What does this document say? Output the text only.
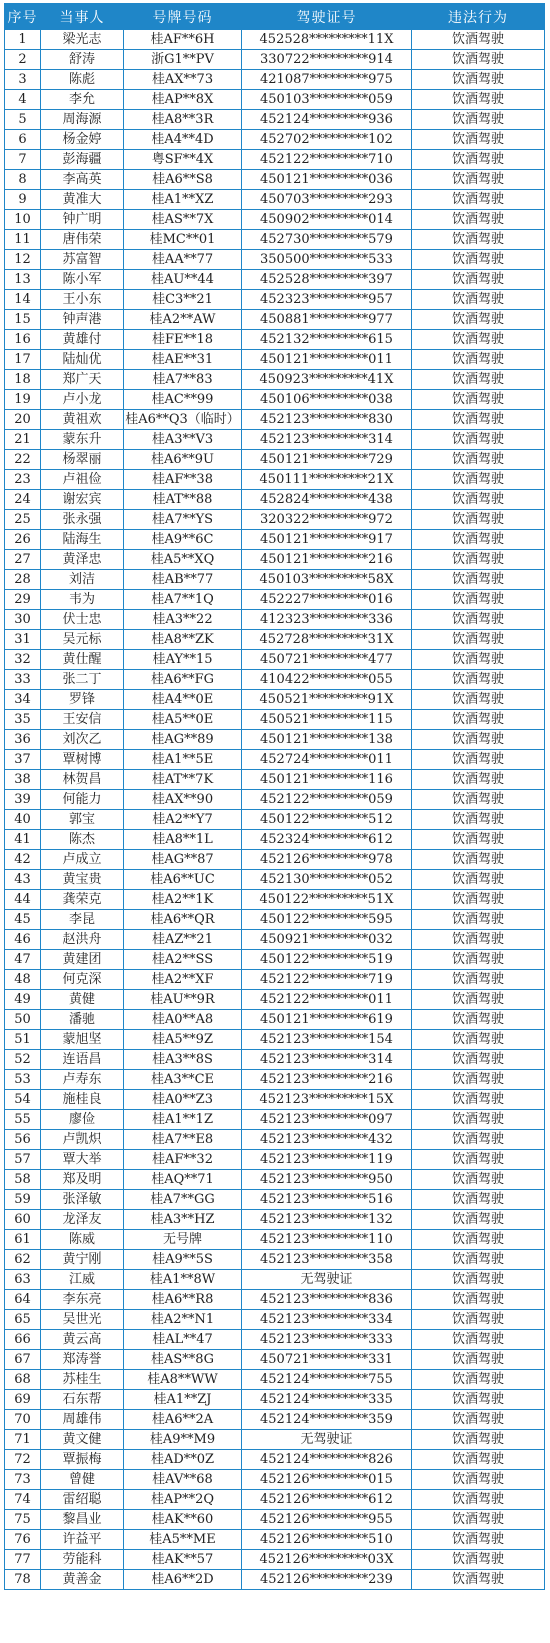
序号	当事人	号牌号码	驾驶证号	违法行为
1	梁光志	桂AF**6H	452528*********11X	饮酒驾驶
2	舒涛	浙G1**PV	330722*********914	饮酒驾驶
3	陈彪	桂AX**73	421087*********975	饮酒驾驶
4	李允	桂AP**8X	450103*********059	饮酒驾驶
5	周海源	桂A8**3R	452124*********936	饮酒驾驶
6	杨金婷	桂A4**4D	452702*********102	饮酒驾驶
7	彭海疆	粤SF**4X	452122*********710	饮酒驾驶
8	李高英	桂A6**S8	450121*********036	饮酒驾驶
9	黄准大	桂A1**XZ	450703*********293	饮酒驾驶
10	钟广明	桂AS**7X	450902*********014	饮酒驾驶
11	唐伟荣	桂MC**01	452730*********579	饮酒驾驶
12	苏富智	桂AA**77	350500*********533	饮酒驾驶
13	陈小军	桂AU**44	452528*********397	饮酒驾驶
14	王小东	桂C3**21	452323*********957	饮酒驾驶
15	钟声港	桂A2**AW	450881*********977	饮酒驾驶
16	黄雄付	桂FE**18	452132*********615	饮酒驾驶
17	陆灿优	桂AE**31	450121*********011	饮酒驾驶
18	郑广天	桂A7**83	450923*********41X	饮酒驾驶
19	卢小龙	桂AC**99	450106*********038	饮酒驾驶
20	黄祖欢	桂A6**Q3（临时）	452123*********830	饮酒驾驶
21	蒙东升	桂A3**V3	452123*********314	饮酒驾驶
22	杨翠丽	桂A6**9U	450121*********729	饮酒驾驶
23	卢祖俭	桂AF**38	450111*********21X	饮酒驾驶
24	谢宏宾	桂AT**88	452824*********438	饮酒驾驶
25	张永强	桂A7**YS	320322*********972	饮酒驾驶
26	陆海生	桂A9**6C	450121*********917	饮酒驾驶
27	黄泽忠	桂A5**XQ	450121*********216	饮酒驾驶
28	刘洁	桂AB**77	450103*********58X	饮酒驾驶
29	韦为	桂A7**1Q	452227*********016	饮酒驾驶
30	伏士忠	桂A3**22	412323*********336	饮酒驾驶
31	吴元标	桂A8**ZK	452728*********31X	饮酒驾驶
32	黄仕醒	桂AY**15	450721*********477	饮酒驾驶
33	张二丁	桂A6**FG	410422*********055	饮酒驾驶
34	罗锋	桂A4**0E	450521*********91X	饮酒驾驶
35	王安信	桂A5**0E	450521*********115	饮酒驾驶
36	刘次乙	桂AG**89	450121*********138	饮酒驾驶
37	覃树博	桂A1**5E	452724*********011	饮酒驾驶
38	林贺昌	桂AT**7K	450121*********116	饮酒驾驶
39	何能力	桂AX**90	452122*********059	饮酒驾驶
40	郭宝	桂A2**Y7	450122*********512	饮酒驾驶
41	陈杰	桂A8**1L	452324*********612	饮酒驾驶
42	卢成立	桂AG**87	452126*********978	饮酒驾驶
43	黄宝贵	桂A6**UC	452130*********052	饮酒驾驶
44	龚荣克	桂A2**1K	450122*********51X	饮酒驾驶
45	李昆	桂A6**QR	450122*********595	饮酒驾驶
46	赵洪舟	桂AZ**21	450921*********032	饮酒驾驶
47	黄建团	桂A2**SS	450122*********519	饮酒驾驶
48	何克深	桂A2**XF	452122*********719	饮酒驾驶
49	黄健	桂AU**9R	452122*********011	饮酒驾驶
50	潘驰	桂A0**A8	450121*********619	饮酒驾驶
51	蒙旭坚	桂A5**9Z	452123*********154	饮酒驾驶
52	连语昌	桂A3**8S	452123*********314	饮酒驾驶
53	卢寿东	桂A3**CE	452123*********216	饮酒驾驶
54	施桂良	桂A0**Z3	452123*********15X	饮酒驾驶
55	廖俭	桂A1**1Z	452123*********097	饮酒驾驶
56	卢凯炽	桂A7**E8	452123*********432	饮酒驾驶
57	覃大举	桂AF**32	452123*********119	饮酒驾驶
58	郑及明	桂AQ**71	452123*********950	饮酒驾驶
59	张泽敏	桂A7**GG	452123*********516	饮酒驾驶
60	龙泽友	桂A3**HZ	452123*********132	饮酒驾驶
61	陈威	无号牌	452123*********110	饮酒驾驶
62	黄宁刚	桂A9**5S	452123*********358	饮酒驾驶
63	江威	桂A1**8W	无驾驶证	饮酒驾驶
64	李东亮	桂A6**R8	452123*********836	饮酒驾驶
65	吴世光	桂A2**N1	452123*********334	饮酒驾驶
66	黄云高	桂AL**47	452123*********333	饮酒驾驶
67	郑涛誉	桂AS**8G	450721*********331	饮酒驾驶
68	苏桂生	桂A8**WW	452124*********755	饮酒驾驶
69	石东帮	桂A1**ZJ	452124*********335	饮酒驾驶
70	周雄伟	桂A6**2A	452124*********359	饮酒驾驶
71	黄文健	桂A9**M9	无驾驶证	饮酒驾驶
72	覃振梅	桂AD**0Z	452124*********826	饮酒驾驶
73	曾健	桂AV**68	452126*********015	饮酒驾驶
74	雷绍聪	桂AP**2Q	452126*********612	饮酒驾驶
75	黎昌业	桂AK**60	452126*********955	饮酒驾驶
76	许益平	桂A5**ME	452126*********510	饮酒驾驶
77	劳能科	桂AK**57	452126*********03X	饮酒驾驶
78	黄善金	桂A6**2D	452126*********239	饮酒驾驶
